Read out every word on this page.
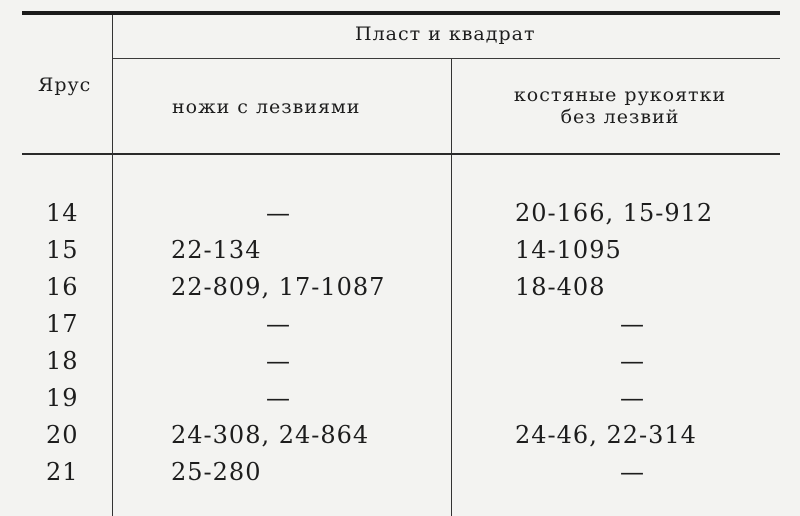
Ярус
Пласт и квадрат
ножи с лезвиями
костяные рукоятки
без лезвий
14	—	20-166, 15-912
15	22-134	14-1095
16	22-809, 17-1087	18-408
17	—	—
18	—	—
19	—	—
20	24-308, 24-864	24-46, 22-314
21	25-280	—
